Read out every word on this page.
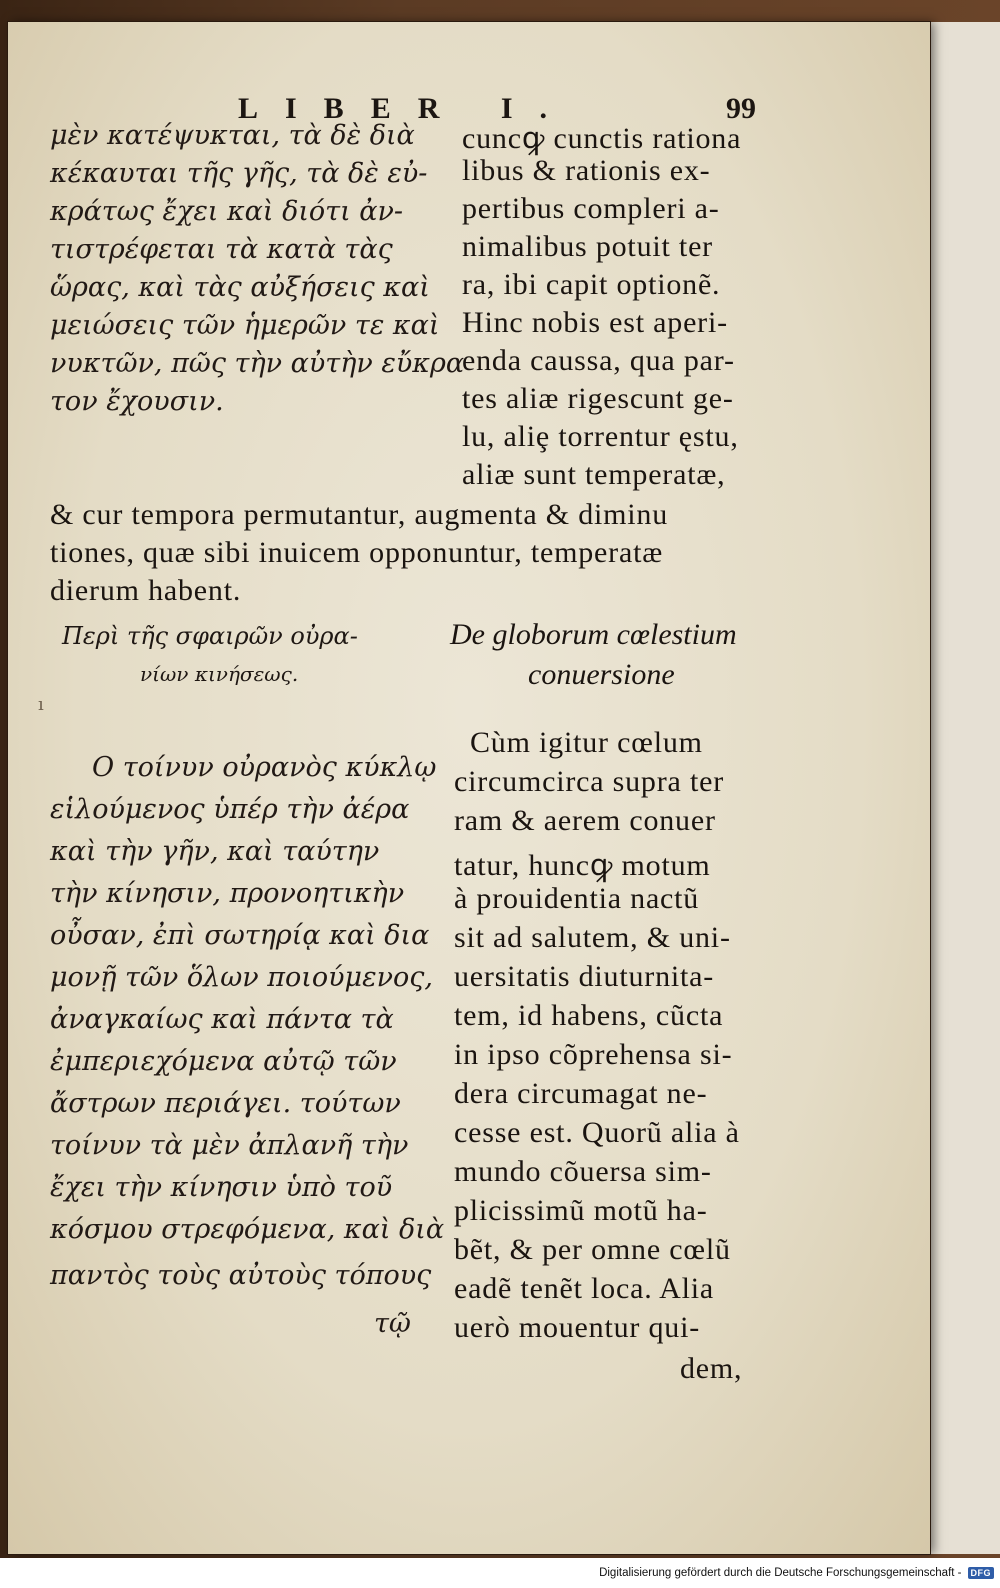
LIBER I.	99
μὲν κατέψυκται, τὰ δὲ διὰ
κέκαυται τῆς γῆς, τὰ δὲ εὐ-
κράτως ἔχει καὶ διότι ἀν-
τιστρέφεται τὰ κατὰ τὰς
ὥρας, καὶ τὰς αὐξήσεις καὶ
μειώσεις τῶν ἡμερῶν τε καὶ
νυκτῶν, πῶς τὴν αὐτὴν εὔκρα
τον ἔχουσιν.
cuncꝙ cunctis rationa
libus & rationis ex-
pertibus compleri a-
nimalibus potuit ter
ra, ibi capit optionẽ.
Hinc nobis est aperi-
enda caussa, qua par-
tes aliæ rigescunt ge-
lu, aliȩ torrentur ęstu,
aliæ sunt temperatæ,
& cur tempora permutantur, augmenta & diminu
tiones, quæ sibi inuicem opponuntur, temperatæ
dierum habent.
Περὶ τῆς σφαιρῶν οὐρα-
νίων κινήσεως.
De globorum cœlestium
conuersione
ı
Ο τοίνυν οὐρανὸς κύκλῳ
εἱλούμενος ὑπέρ τὴν ἀέρα
καὶ τὴν γῆν, καὶ ταύτην
τὴν κίνησιν, προνοητικὴν
οὖσαν, ἐπὶ σωτηρίᾳ καὶ δια
μονῇ τῶν ὅλων ποιούμενος,
ἀναγκαίως καὶ πάντα τὰ
ἐμπεριεχόμενα αὐτῷ τῶν
ἄστρων περιάγει. τούτων
τοίνυν τὰ μὲν ἀπλανῆ τὴν
ἔχει τὴν κίνησιν ὑπὸ τοῦ
κόσμου στρεφόμενα, καὶ διὰ
παντὸς τοὺς αὐτοὺς τόπους
τῷ
Cùm igitur cœlum
circumcirca supra ter
ram & aerem conuer
tatur, huncꝙ motum
à prouidentia nactũ
sit ad salutem, & uni-
uersitatis diuturnita-
tem, id habens, cũcta
in ipso cõprehensa si-
dera circumagat ne-
cesse est. Quorũ alia à
mundo cõuersa sim-
plicissimũ motũ ha-
bẽt, & per omne cœlũ
eadẽ tenẽt loca. Alia
uerò mouentur qui-
dem,
Digitalisierung gefördert durch die Deutsche Forschungsgemeinschaft -	DFG
